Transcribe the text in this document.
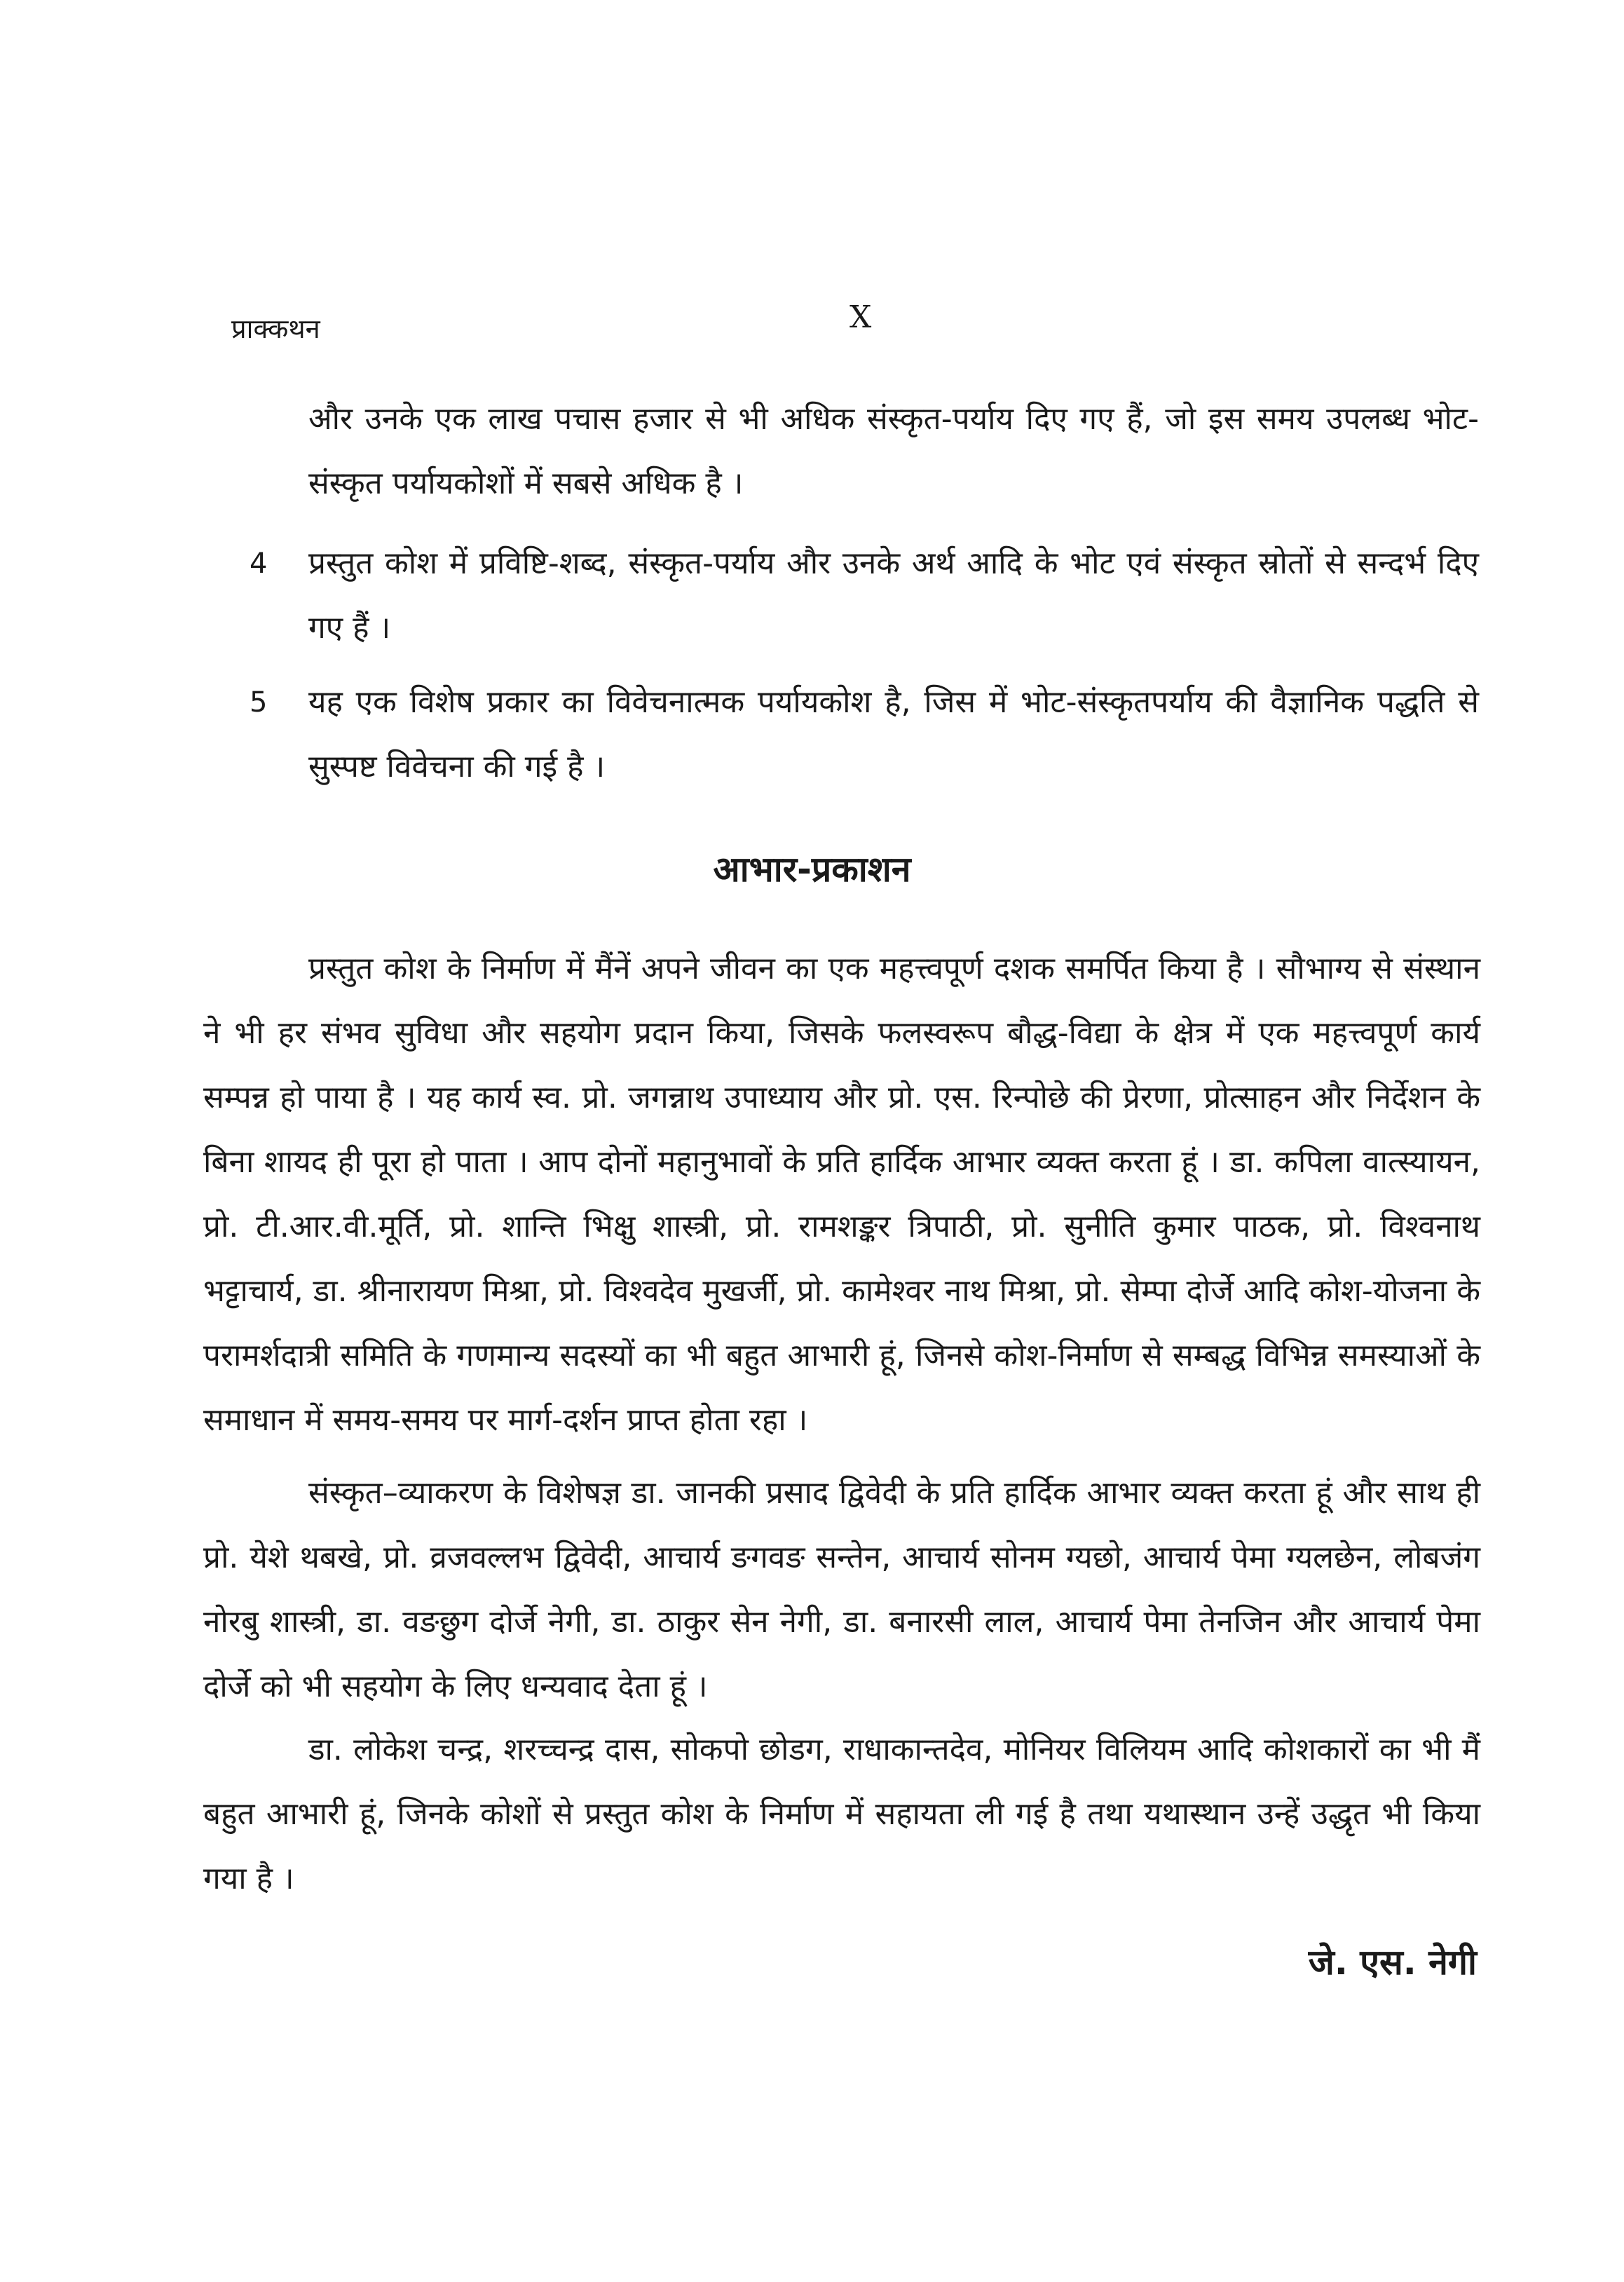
प्राक्कथन	X

और उनके एक लाख पचास हजार से भी अधिक संस्कृत-पर्याय दिए गए हैं, जो इस समय उपलब्ध भोट-संस्कृत पर्यायकोशों में सबसे अधिक है ।

4	प्रस्तुत कोश में प्रविष्टि-शब्द, संस्कृत-पर्याय और उनके अर्थ आदि के भोट एवं संस्कृत स्रोतों से सन्दर्भ दिए गए हैं ।

5	यह एक विशेष प्रकार का विवेचनात्मक पर्यायकोश है, जिस में भोट-संस्कृतपर्याय की वैज्ञानिक पद्धति से सुस्पष्ट विवेचना की गई है ।

आभार-प्रकाशन

प्रस्तुत कोश के निर्माण में मैंनें अपने जीवन का एक महत्त्वपूर्ण दशक समर्पित किया है । सौभाग्य से संस्थान ने भी हर संभव सुविधा और सहयोग प्रदान किया, जिसके फलस्वरूप बौद्ध-विद्या के क्षेत्र में एक महत्त्वपूर्ण कार्य सम्पन्न हो पाया है । यह कार्य स्व. प्रो. जगन्नाथ उपाध्याय और प्रो. एस. रिन्पोछे की प्रेरणा, प्रोत्साहन और निर्देशन के बिना शायद ही पूरा हो पाता । आप दोनों महानुभावों के प्रति हार्दिक आभार व्यक्त करता हूं । डा. कपिला वात्स्यायन, प्रो. टी.आर.वी.मूर्ति, प्रो. शान्ति भिक्षु शास्त्री, प्रो. रामशङ्कर त्रिपाठी, प्रो. सुनीति कुमार पाठक, प्रो. विश्वनाथ भट्टाचार्य, डा. श्रीनारायण मिश्रा, प्रो. विश्वदेव मुखर्जी, प्रो. कामेश्वर नाथ मिश्रा, प्रो. सेम्पा दोर्जे आदि कोश-योजना के परामर्शदात्री समिति के गणमान्य सदस्यों का भी बहुत आभारी हूं, जिनसे कोश-निर्माण से सम्बद्ध विभिन्न समस्याओं के समाधान में समय-समय पर मार्ग-दर्शन प्राप्त होता रहा ।

संस्कृत–व्याकरण के विशेषज्ञ डा. जानकी प्रसाद द्विवेदी के प्रति हार्दिक आभार व्यक्त करता हूं और साथ ही प्रो. येशे थबखे, प्रो. व्रजवल्लभ द्विवेदी, आचार्य ङगवङ सन्तेन, आचार्य सोनम ग्यछो, आचार्य पेमा ग्यलछेन, लोबजंग नोरबु शास्त्री, डा. वङछुग दोर्जे नेगी, डा. ठाकुर सेन नेगी, डा. बनारसी लाल, आचार्य पेमा तेनजिन और आचार्य पेमा दोर्जे को भी सहयोग के लिए धन्यवाद देता हूं ।

डा. लोकेश चन्द्र, शरच्चन्द्र दास, सोकपो छोडग, राधाकान्तदेव, मोनियर विलियम आदि कोशकारों का भी मैं बहुत आभारी हूं, जिनके कोशों से प्रस्तुत कोश के निर्माण में सहायता ली गई है तथा यथास्थान उन्हें उद्धृत भी किया गया है ।

जे. एस. नेगी
